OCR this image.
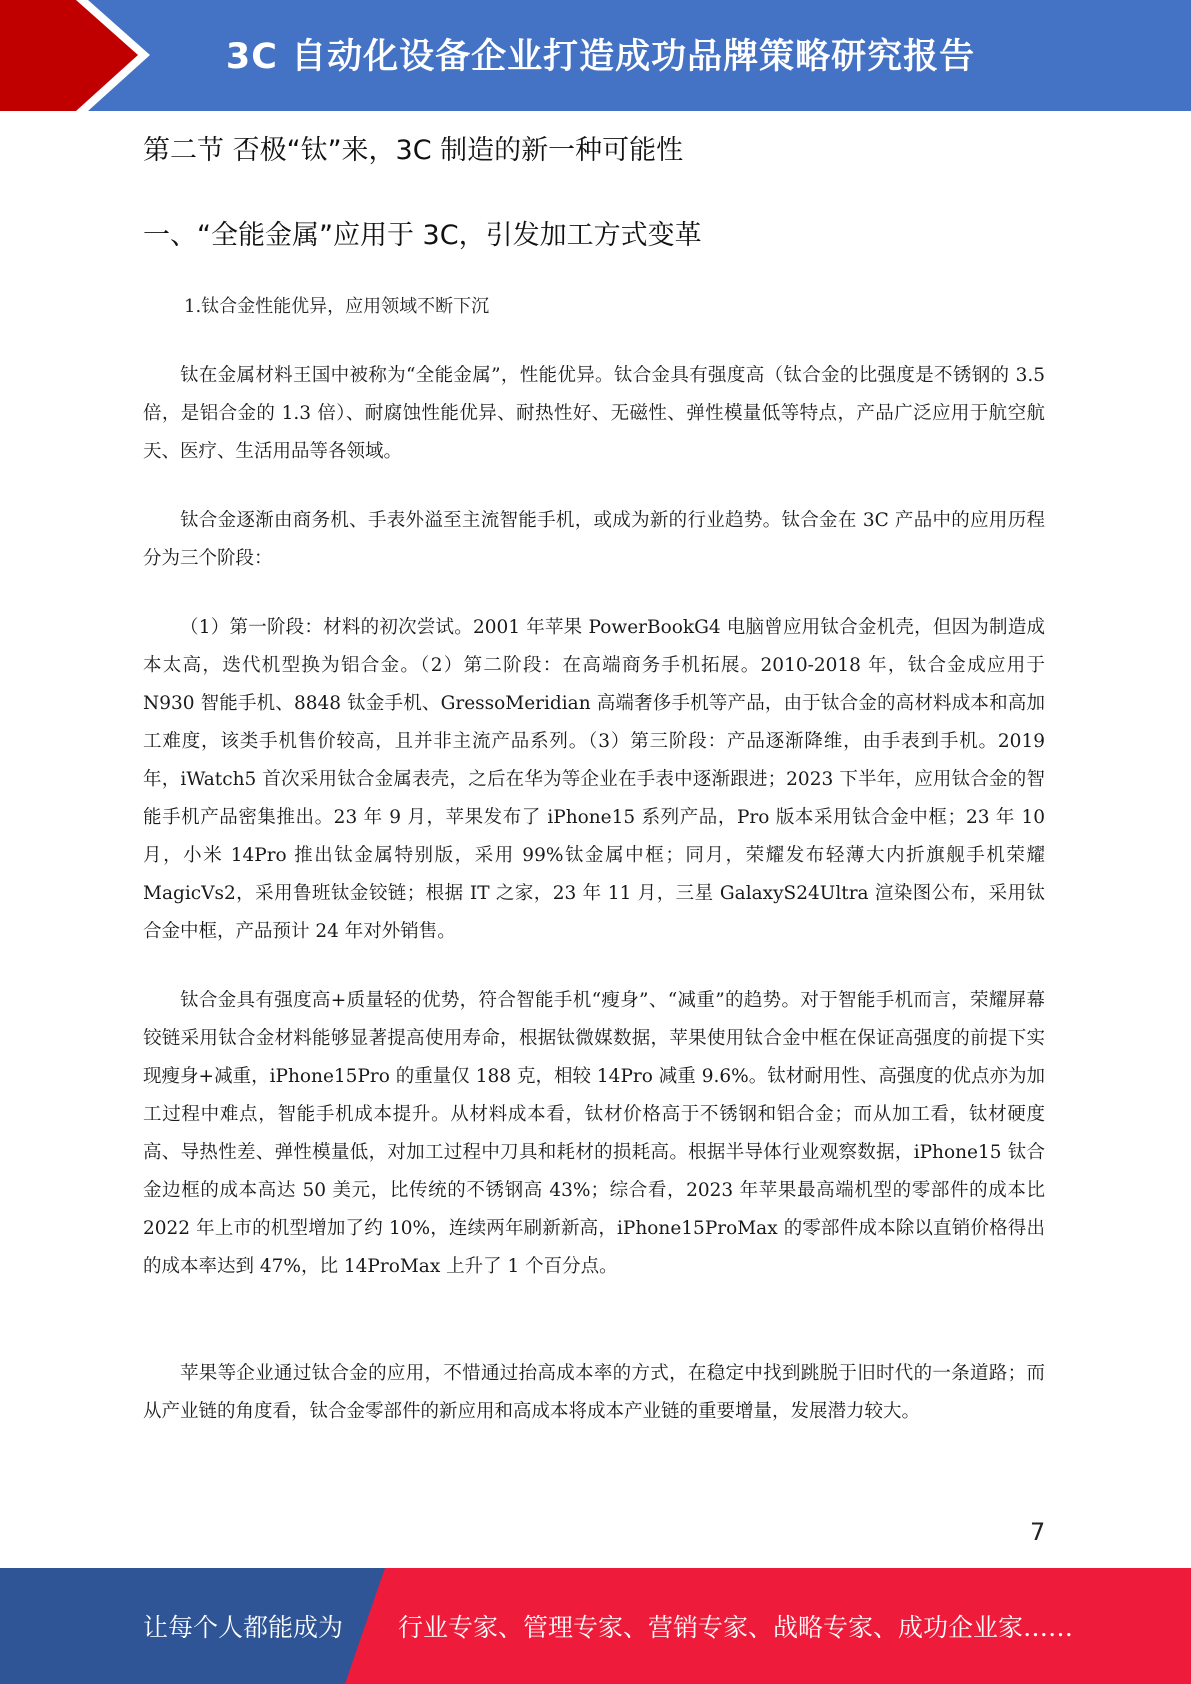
3C 自动化设备企业打造成功品牌策略研究报告
第二节 否极“钛”来，3C 制造的新一种可能性
一、“全能金属”应用于 3C，引发加工方式变革
1.钛合金性能优异，应用领域不断下沉

钛在金属材料王国中被称为“全能金属”，性能优异。钛合金具有强度高（钛合金的比强度是不锈钢的 3.5 倍，是铝合金的 1.3 倍）、耐腐蚀性能优异、耐热性好、无磁性、弹性模量低等特点，产品广泛应用于航空航天、医疗、生活用品等各领域。

钛合金逐渐由商务机、手表外溢至主流智能手机，或成为新的行业趋势。钛合金在 3C 产品中的应用历程分为三个阶段：

（1）第一阶段：材料的初次尝试。2001 年苹果 PowerBookG4 电脑曾应用钛合金机壳，但因为制造成本太高，迭代机型换为铝合金。（2）第二阶段：在高端商务手机拓展。2010-2018 年，钛合金成应用于 N930 智能手机、8848 钛金手机、GressoMeridian 高端奢侈手机等产品，由于钛合金的高材料成本和高加工难度，该类手机售价较高，且并非主流产品系列。（3）第三阶段：产品逐渐降维，由手表到手机。2019 年，iWatch5 首次采用钛合金属表壳，之后在华为等企业在手表中逐渐跟进；2023 下半年，应用钛合金的智能手机产品密集推出。23 年 9 月，苹果发布了 iPhone15 系列产品，Pro 版本采用钛合金中框；23 年 10 月，小米 14Pro 推出钛金属特别版，采用 99%钛金属中框；同月，荣耀发布轻薄大内折旗舰手机荣耀 MagicVs2，采用鲁班钛金铰链；根据 IT 之家，23 年 11 月，三星 GalaxyS24Ultra 渲染图公布，采用钛合金中框，产品预计 24 年对外销售。

钛合金具有强度高+质量轻的优势，符合智能手机“瘦身”、“减重”的趋势。对于智能手机而言，荣耀屏幕铰链采用钛合金材料能够显著提高使用寿命，根据钛微媒数据，苹果使用钛合金中框在保证高强度的前提下实现瘦身+减重，iPhone15Pro 的重量仅 188 克，相较 14Pro 减重 9.6%。钛材耐用性、高强度的优点亦为加工过程中难点，智能手机成本提升。从材料成本看，钛材价格高于不锈钢和铝合金；而从加工看，钛材硬度高、导热性差、弹性模量低，对加工过程中刀具和耗材的损耗高。根据半导体行业观察数据，iPhone15 钛合金边框的成本高达 50 美元，比传统的不锈钢高 43%；综合看，2023 年苹果最高端机型的零部件的成本比 2022 年上市的机型增加了约 10%，连续两年刷新新高，iPhone15ProMax 的零部件成本除以直销价格得出的成本率达到 47%，比 14ProMax 上升了 1 个百分点。

苹果等企业通过钛合金的应用，不惜通过抬高成本率的方式，在稳定中找到跳脱于旧时代的一条道路；而从产业链的角度看，钛合金零部件的新应用和高成本将成本产业链的重要增量，发展潜力较大。

7
让每个人都能成为 行业专家、管理专家、营销专家、战略专家、成功企业家……
